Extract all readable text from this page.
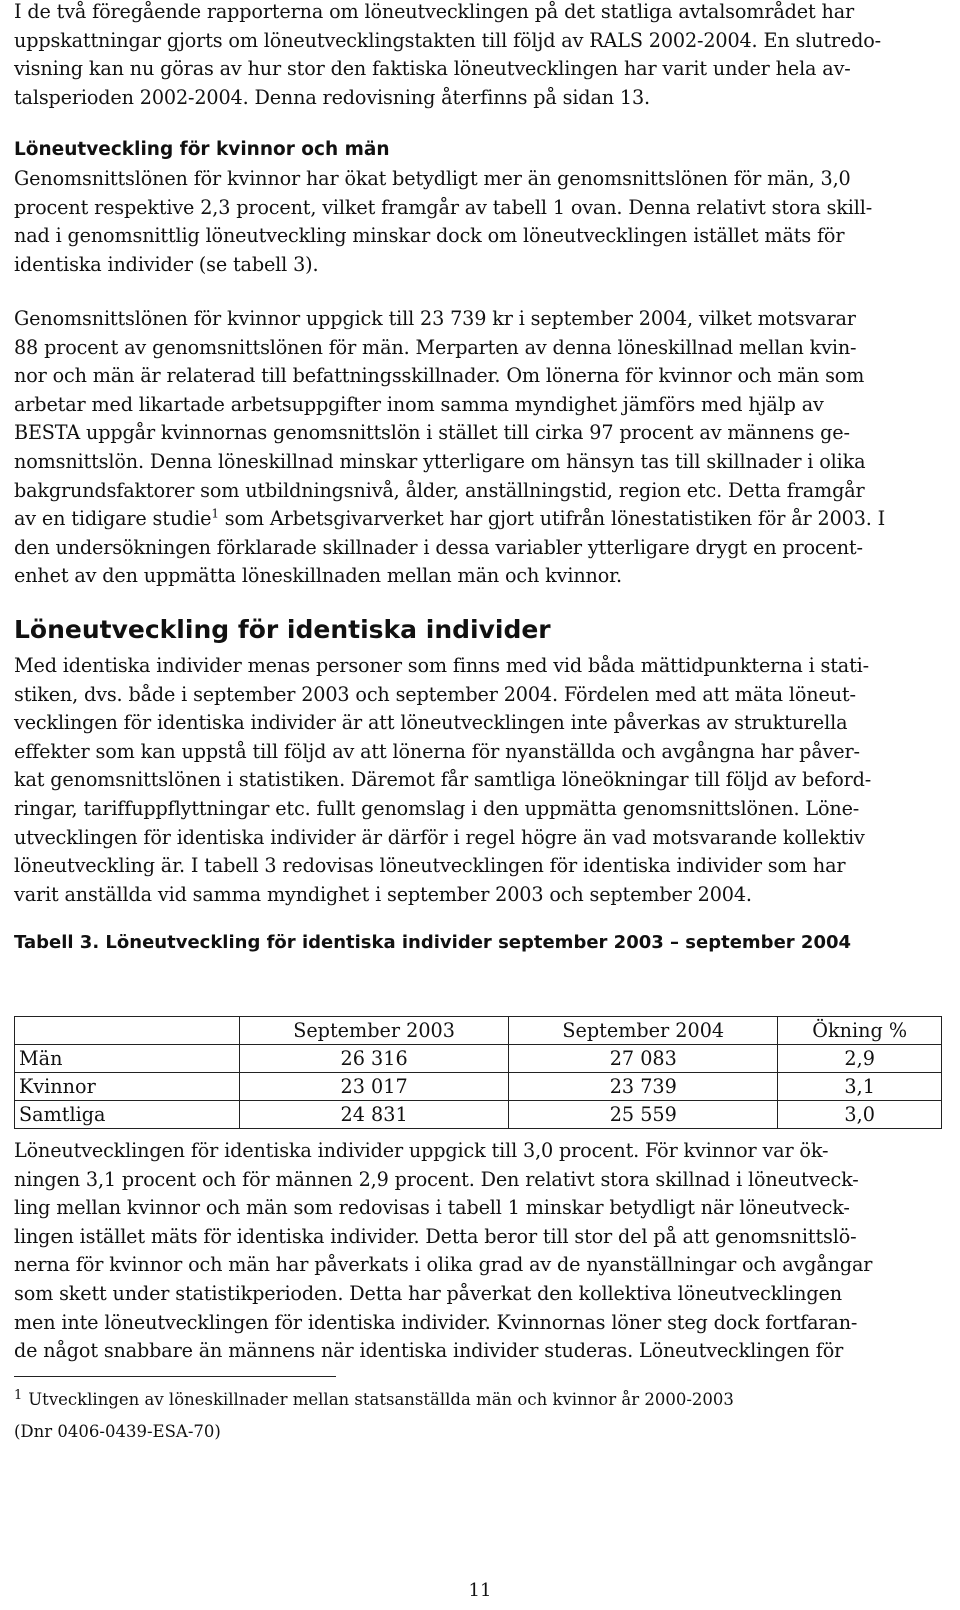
I de två föregående rapporterna om löneutvecklingen på det statliga avtalsområdet har
uppskattningar gjorts om löneutvecklingstakten till följd av RALS 2002-2004. En slutredo-
visning kan nu göras av hur stor den faktiska löneutvecklingen har varit under hela av-
talsperioden 2002-2004. Denna redovisning återfinns på sidan 13.
Löneutveckling för kvinnor och män
Genomsnittslönen för kvinnor har ökat betydligt mer än genomsnittslönen för män, 3,0
procent respektive 2,3 procent, vilket framgår av tabell 1 ovan. Denna relativt stora skill-
nad i genomsnittlig löneutveckling minskar dock om löneutvecklingen istället mäts för
identiska individer (se tabell 3).
Genomsnittslönen för kvinnor uppgick till 23 739 kr i september 2004, vilket motsvarar
88 procent av genomsnittslönen för män. Merparten av denna löneskillnad mellan kvin-
nor och män är relaterad till befattningsskillnader. Om lönerna för kvinnor och män som
arbetar med likartade arbetsuppgifter inom samma myndighet jämförs med hjälp av
BESTA uppgår kvinnornas genomsnittslön i stället till cirka 97 procent av männens ge-
nomsnittslön. Denna löneskillnad minskar ytterligare om hänsyn tas till skillnader i olika
bakgrundsfaktorer som utbildningsnivå, ålder, anställningstid, region etc. Detta framgår
av en tidigare studie$^1$ som Arbetsgivarverket har gjort utifrån lönestatistiken för år 2003. I
den undersökningen förklarade skillnader i dessa variabler ytterligare drygt en procent-
enhet av den uppmätta löneskillnaden mellan män och kvinnor.
Löneutveckling för identiska individer
Med identiska individer menas personer som finns med vid båda mättidpunkterna i stati-
stiken, dvs. både i september 2003 och september 2004. Fördelen med att mäta löneut-
vecklingen för identiska individer är att löneutvecklingen inte påverkas av strukturella
effekter som kan uppstå till följd av att lönerna för nyanställda och avgångna har påver-
kat genomsnittslönen i statistiken. Däremot får samtliga löneökningar till följd av beford-
ringar, tariffuppflyttningar etc. fullt genomslag i den uppmätta genomsnittslönen. Löne-
utvecklingen för identiska individer är därför i regel högre än vad motsvarande kollektiv
löneutveckling är. I tabell 3 redovisas löneutvecklingen för identiska individer som har
varit anställda vid samma myndighet i september 2003 och september 2004.
Tabell 3. Löneutveckling för identiska individer september 2003 – september 2004
	September 2003	September 2004	Ökning %
Män	26 316	27 083	2,9
Kvinnor	23 017	23 739	3,1
Samtliga	24 831	25 559	3,0
Löneutvecklingen för identiska individer uppgick till 3,0 procent. För kvinnor var ök-
ningen 3,1 procent och för männen 2,9 procent. Den relativt stora skillnad i löneutveck-
ling mellan kvinnor och män som redovisas i tabell 1 minskar betydligt när löneutveck-
lingen istället mäts för identiska individer. Detta beror till stor del på att genomsnittslö-
nerna för kvinnor och män har påverkats i olika grad av de nyanställningar och avgångar
som skett under statistikperioden. Detta har påverkat den kollektiva löneutvecklingen
men inte löneutvecklingen för identiska individer. Kvinnornas löner steg dock fortfaran-
de något snabbare än männens när identiska individer studeras. Löneutvecklingen för
$^1$ Utvecklingen av löneskillnader mellan statsanställda män och kvinnor år 2000-2003
(Dnr 0406-0439-ESA-70)
11
